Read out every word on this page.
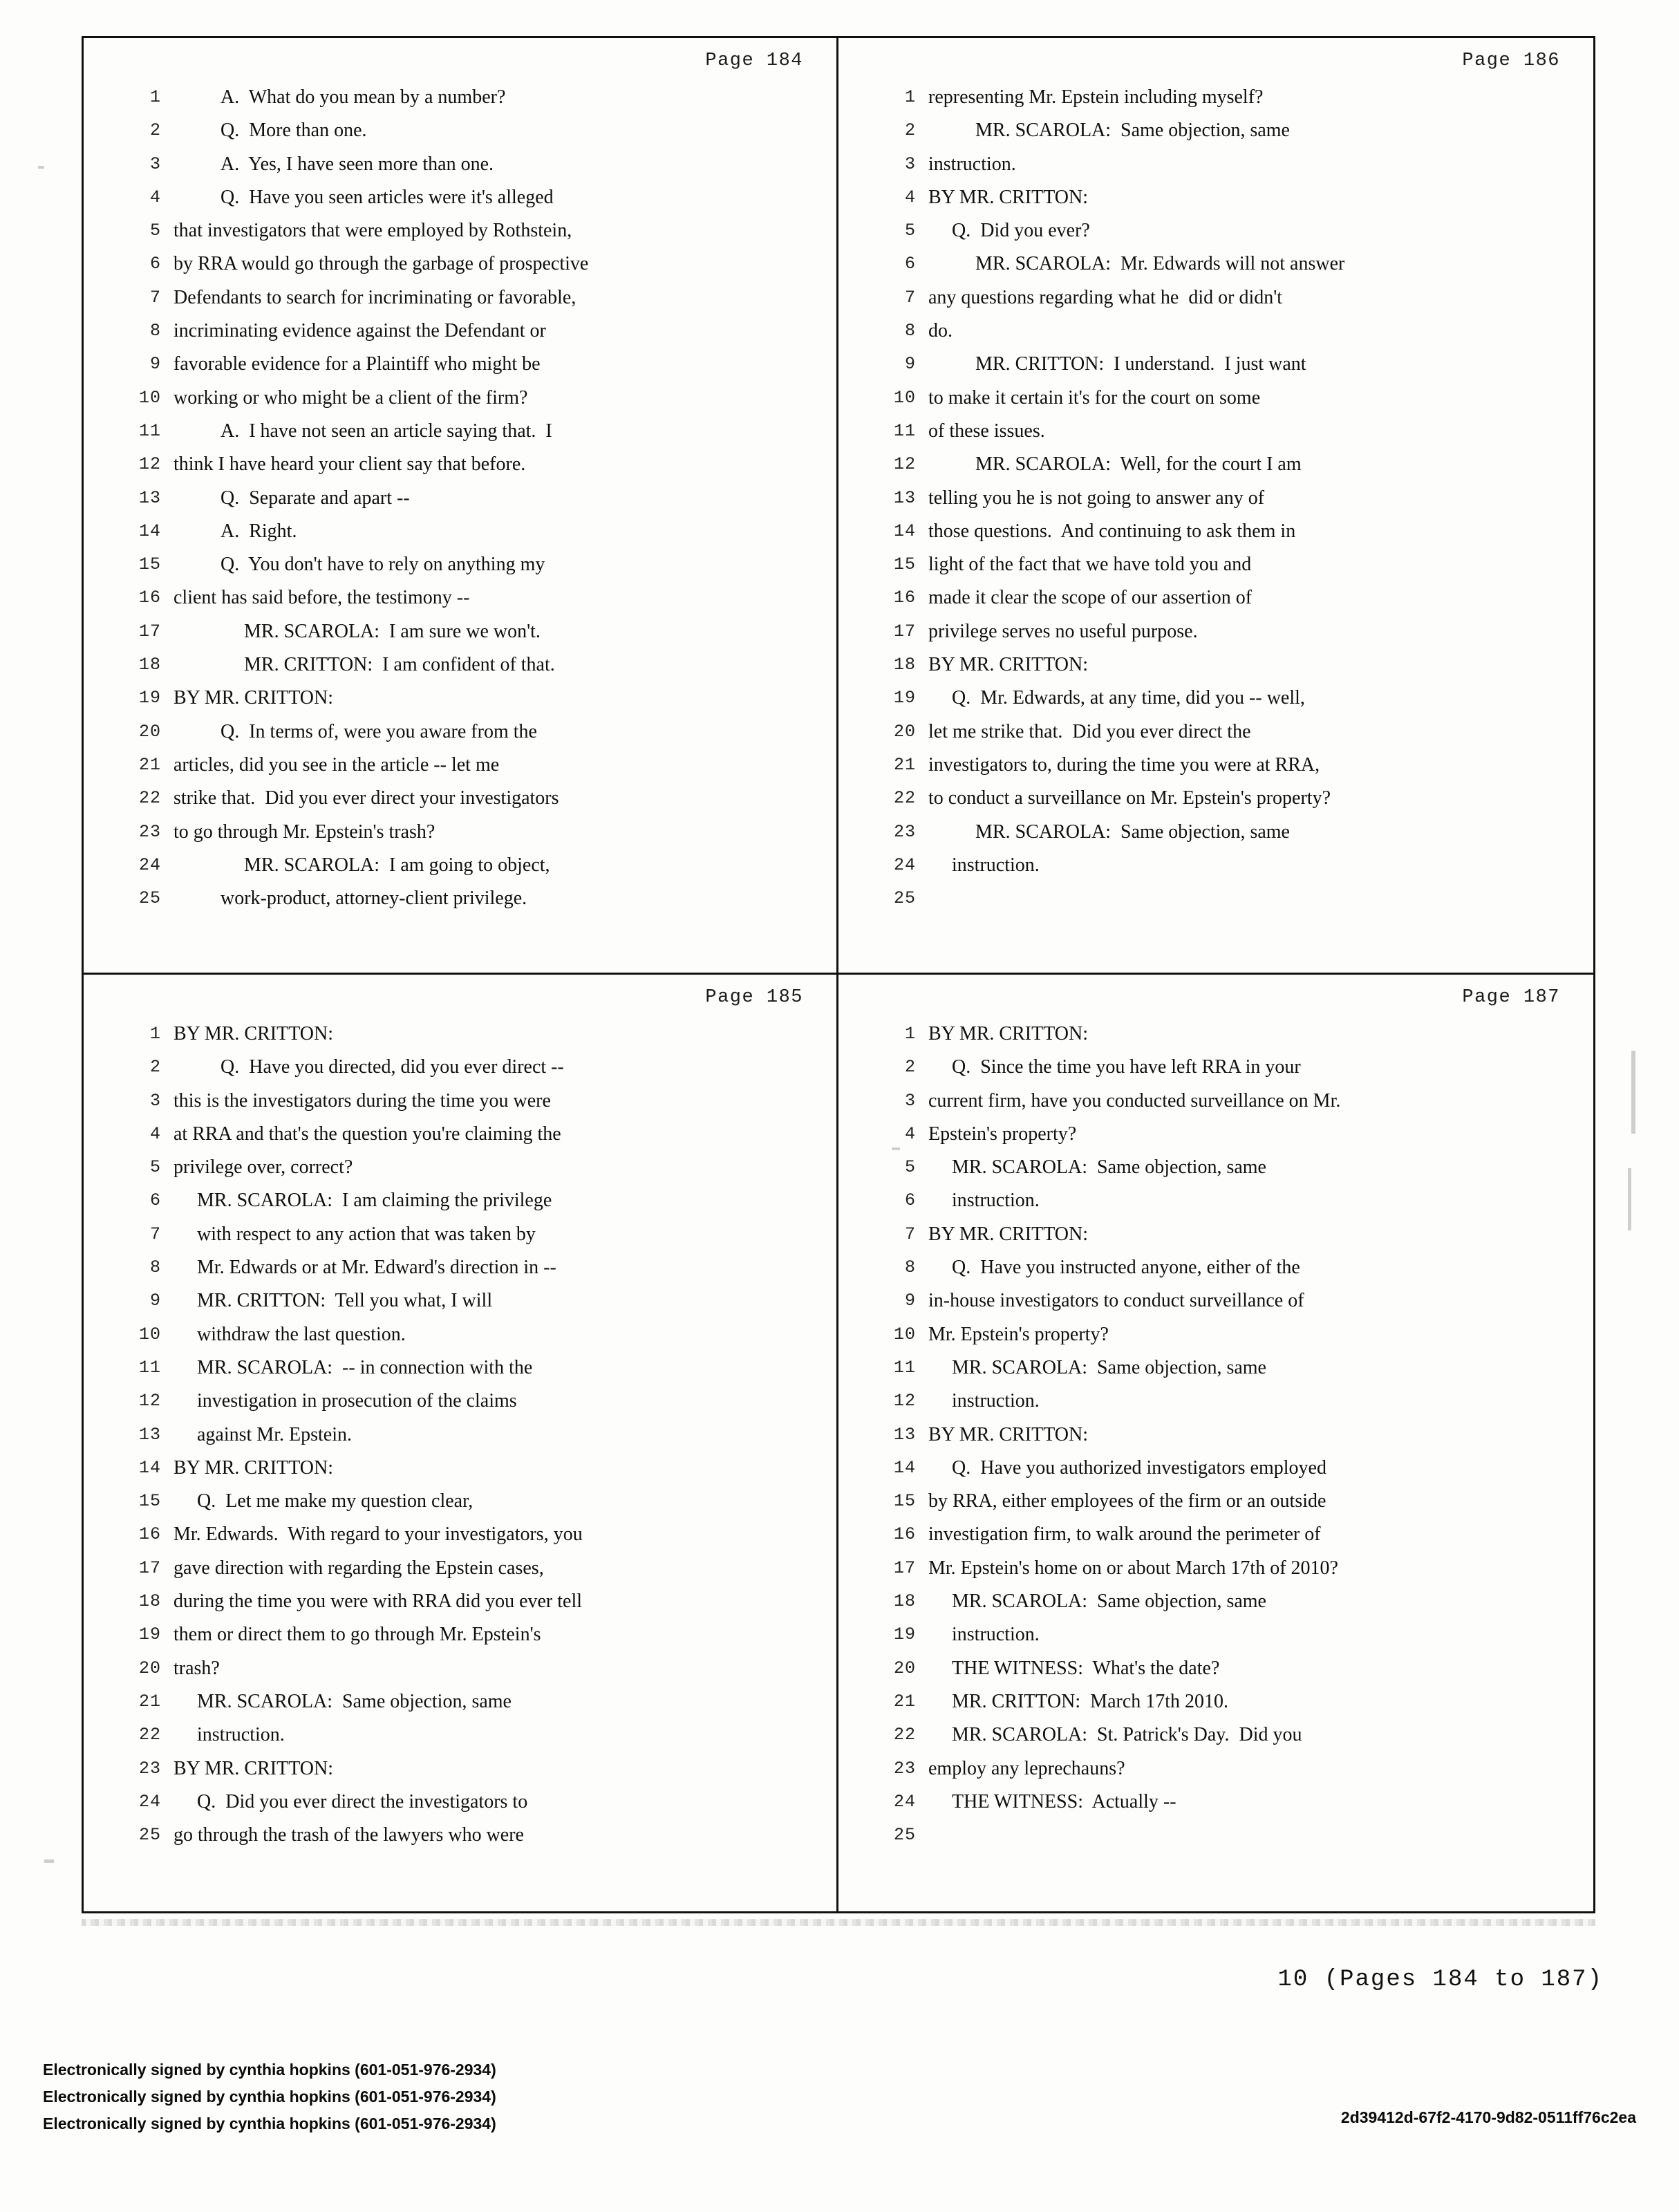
Page 184
1	A.  What do you mean by a number?
2	Q.  More than one.
3	A.  Yes, I have seen more than one.
4	Q.  Have you seen articles were it's alleged
5 that investigators that were employed by Rothstein,
6 by RRA would go through the garbage of prospective
7 Defendants to search for incriminating or favorable,
8 incriminating evidence against the Defendant or
9 favorable evidence for a Plaintiff who might be
10 working or who might be a client of the firm?
11	A.  I have not seen an article saying that.  I
12 think I have heard your client say that before.
13	Q.  Separate and apart --
14	A.  Right.
15	Q.  You don't have to rely on anything my
16 client has said before, the testimony --
17	MR. SCAROLA:  I am sure we won't.
18	MR. CRITTON:  I am confident of that.
19 BY MR. CRITTON:
20	Q.  In terms of, were you aware from the
21 articles, did you see in the article -- let me
22 strike that.  Did you ever direct your investigators
23 to go through Mr. Epstein's trash?
24	MR. SCAROLA:  I am going to object,
25	work-product, attorney-client privilege.
Page 186
1 representing Mr. Epstein including myself?
2	MR. SCAROLA:  Same objection, same
3 instruction.
4 BY MR. CRITTON:
5	Q.  Did you ever?
6	MR. SCAROLA:  Mr. Edwards will not answer
7 any questions regarding what he  did or didn't
8 do.
9	MR. CRITTON:  I understand.  I just want
10 to make it certain it's for the court on some
11 of these issues.
12	MR. SCAROLA:  Well, for the court I am
13 telling you he is not going to answer any of
14 those questions.  And continuing to ask them in
15 light of the fact that we have told you and
16 made it clear the scope of our assertion of
17 privilege serves no useful purpose.
18 BY MR. CRITTON:
19	Q.  Mr. Edwards, at any time, did you -- well,
20 let me strike that.  Did you ever direct the
21 investigators to, during the time you were at RRA,
22 to conduct a surveillance on Mr. Epstein's property?
23	MR. SCAROLA:  Same objection, same
24	instruction.
25
Page 185
1 BY MR. CRITTON:
2	Q.  Have you directed, did you ever direct --
3 this is the investigators during the time you were
4 at RRA and that's the question you're claiming the
5 privilege over, correct?
6	MR. SCAROLA:  I am claiming the privilege
7	with respect to any action that was taken by
8	Mr. Edwards or at Mr. Edward's direction in --
9	MR. CRITTON:  Tell you what, I will
10	withdraw the last question.
11	MR. SCAROLA:  -- in connection with the
12	investigation in prosecution of the claims
13	against Mr. Epstein.
14 BY MR. CRITTON:
15	Q.  Let me make my question clear,
16 Mr. Edwards.  With regard to your investigators, you
17 gave direction with regarding the Epstein cases,
18 during the time you were with RRA did you ever tell
19 them or direct them to go through Mr. Epstein's
20 trash?
21	MR. SCAROLA:  Same objection, same
22	instruction.
23 BY MR. CRITTON:
24	Q.  Did you ever direct the investigators to
25 go through the trash of the lawyers who were
Page 187
1 BY MR. CRITTON:
2	Q.  Since the time you have left RRA in your
3 current firm, have you conducted surveillance on Mr.
4 Epstein's property?
5	MR. SCAROLA:  Same objection, same
6	instruction.
7 BY MR. CRITTON:
8	Q.  Have you instructed anyone, either of the
9 in-house investigators to conduct surveillance of
10 Mr. Epstein's property?
11	MR. SCAROLA:  Same objection, same
12	instruction.
13 BY MR. CRITTON:
14	Q.  Have you authorized investigators employed
15 by RRA, either employees of the firm or an outside
16 investigation firm, to walk around the perimeter of
17 Mr. Epstein's home on or about March 17th of 2010?
18	MR. SCAROLA:  Same objection, same
19	instruction.
20	THE WITNESS:  What's the date?
21	MR. CRITTON:  March 17th 2010.
22	MR. SCAROLA:  St. Patrick's Day.  Did you
23 employ any leprechauns?
24	THE WITNESS:  Actually --
25
10 (Pages 184 to 187)
Electronically signed by cynthia hopkins (601-051-976-2934)
Electronically signed by cynthia hopkins (601-051-976-2934)
Electronically signed by cynthia hopkins (601-051-976-2934)	2d39412d-67f2-4170-9d82-0511ff76c2ea
